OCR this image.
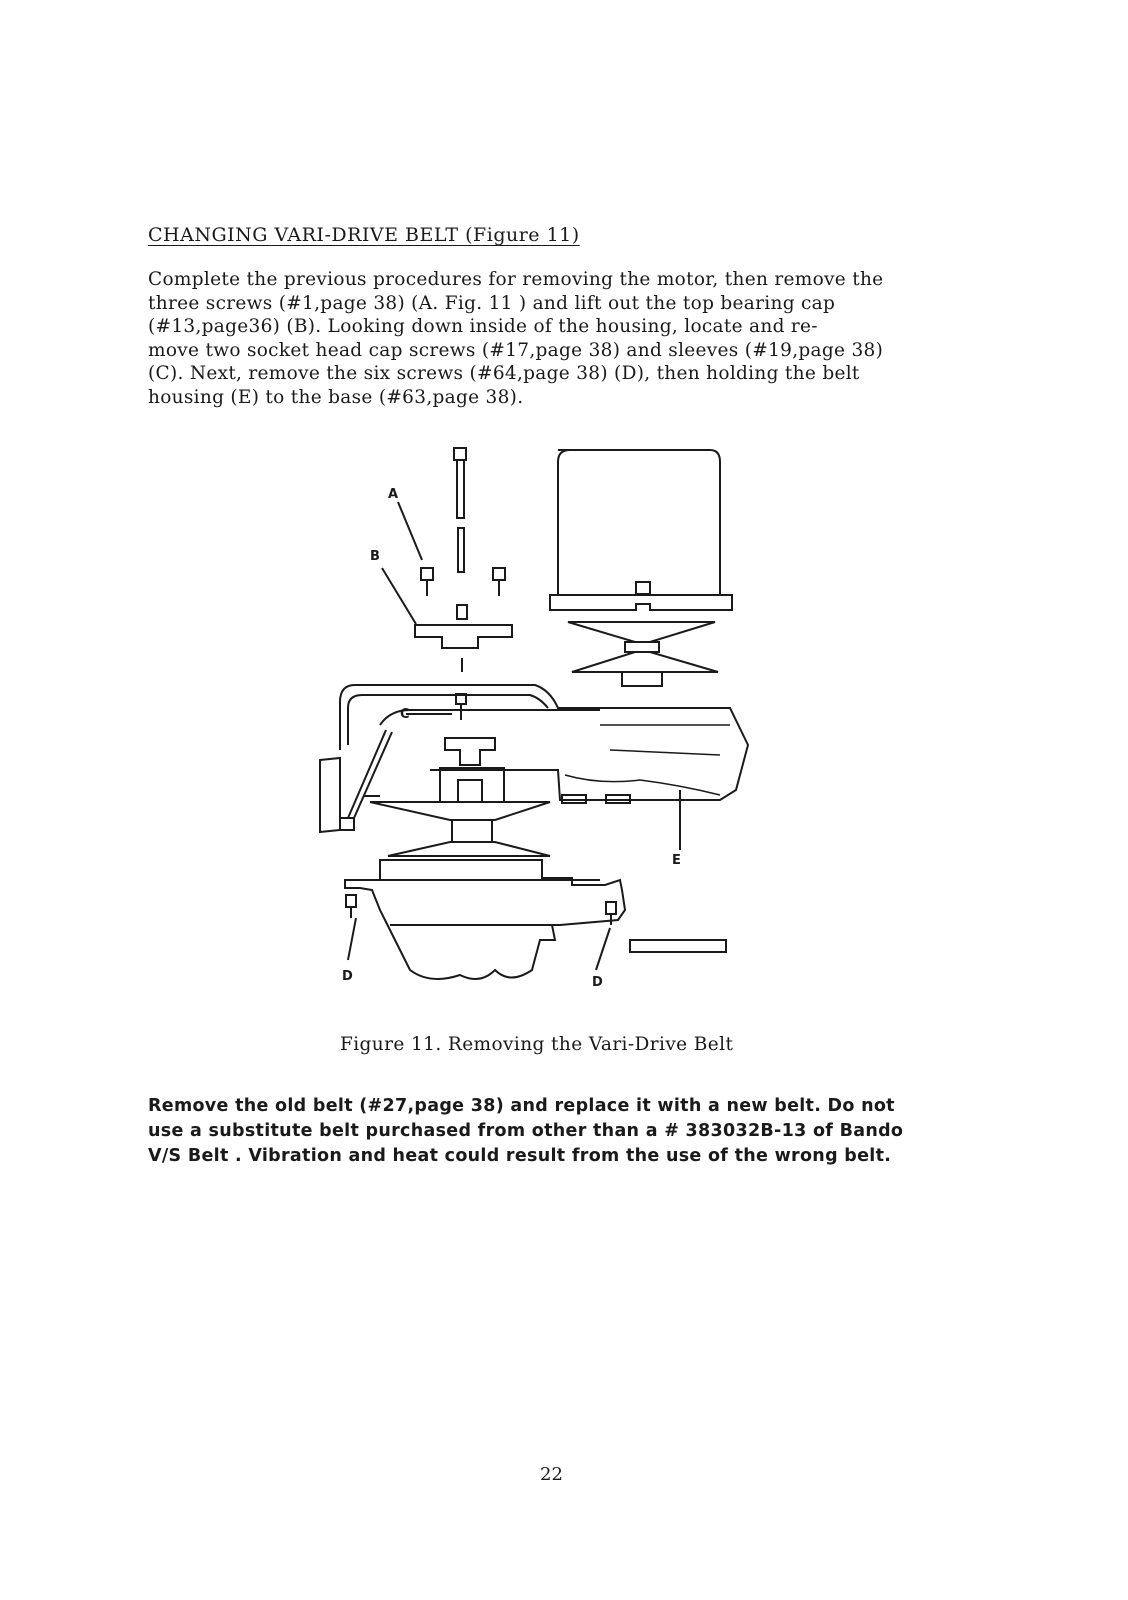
CHANGING VARI-DRIVE BELT (Figure 11)

Complete the previous procedures for removing the motor, then remove the
three screws (#1,page 38) (A. Fig. 11 ) and lift out the top bearing cap
(#13,page36) (B). Looking down inside of the housing, locate and re-
move two socket head cap screws (#17,page 38) and sleeves (#19,page 38)
(C). Next, remove the six screws (#64,page 38) (D), then holding the belt
housing (E) to the base (#63,page 38).

A
B
C
D	D
E

Figure 11. Removing the Vari-Drive Belt

Remove the old belt (#27,page 38) and replace it with a new belt. Do not
use a substitute belt purchased from other than a # 383032B-13 of Bando
V/S Belt . Vibration and heat could result from the use of the wrong belt.

22
